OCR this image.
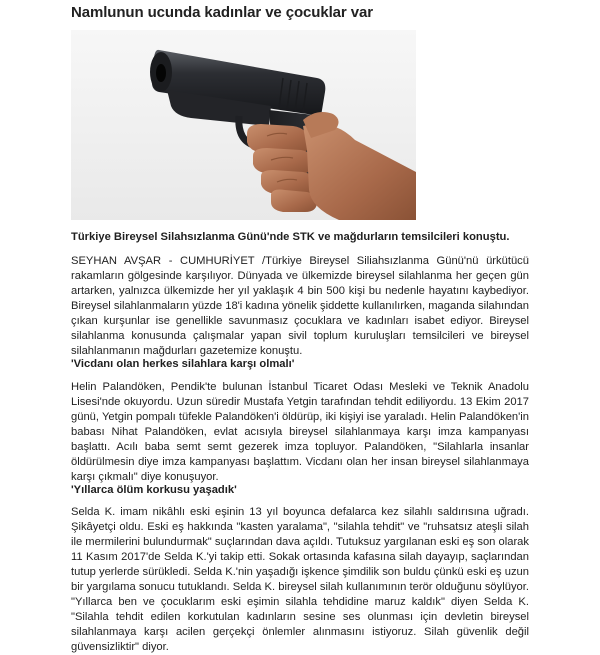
Namlunun ucunda kadınlar ve çocuklar var
Türkiye Bireysel Silahsızlanma Günü'nde STK ve mağdurların temsilcileri konuştu.
SEYHAN AVŞAR - CUMHURİYET /Türkiye Bireysel Siliahsızlanma Günü'nü ürkütücü rakamların gölgesinde karşılıyor. Dünyada ve ülkemizde bireysel silahlanma her geçen gün artarken, yalnızca ülkemizde her yıl yaklaşık 4 bin 500 kişi bu nedenle hayatını kaybediyor. Bireysel silahlanmaların yüzde 18'i kadına yönelik şiddette kullanılırken, maganda silahından çıkan kurşunlar ise genellikle savunmasız çocuklara ve kadınları isabet ediyor. Bireysel silahlanma konusunda çalışmalar yapan sivil toplum kuruluşları temsilcileri ve bireysel silahlanmanın mağdurları gazetemize konuştu.
'Vicdanı olan herkes silahlara karşı olmalı'
Helin Palandöken, Pendik'te bulunan İstanbul Ticaret Odası Mesleki ve Teknik Anadolu Lisesi'nde okuyordu. Uzun süredir Mustafa Yetgin tarafından tehdit ediliyordu. 13 Ekim 2017 günü, Yetgin pompalı tüfekle Palandöken'i öldürüp, iki kişiyi ise yaraladı. Helin Palandöken'in babası Nihat Palandöken, evlat acısıyla bireysel silahlanmaya karşı imza kampanyası başlattı. Acılı baba semt semt gezerek imza topluyor. Palandöken, "Silahlarla insanlar öldürülmesin diye imza kampanyası başlattım. Vicdanı olan her insan bireysel silahlanmaya karşı çıkmalı" diye konuşuyor.
'Yıllarca ölüm korkusu yaşadık'
Selda K. imam nikâhlı eski eşinin 13 yıl boyunca defalarca kez silahlı saldırısına uğradı. Şikâyetçi oldu. Eski eş hakkında "kasten yaralama", "silahla tehdit" ve "ruhsatsız ateşli silah ile mermilerini bulundurmak" suçlarından dava açıldı. Tutuksuz yargılanan eski eş son olarak 11 Kasım 2017'de Selda K.'yi takip etti. Sokak ortasında kafasına silah dayayıp, saçlarından tutup yerlerde sürükledi. Selda K.'nin yaşadığı işkence şimdilik son buldu çünkü eski eş uzun bir yargılama sonucu tutuklandı. Selda K. bireysel silah kullanımının terör olduğunu söylüyor. "Yıllarca ben ve çocuklarım eski eşimin silahla tehdidine maruz kaldık" diyen Selda K. "Silahla tehdit edilen korkutulan kadınların sesine ses olunması için devletin bireysel silahlanmaya karşı acilen gerçekçi önlemler alınmasını istiyoruz. Silah güvenlik değil güvensizliktir" diyor.
